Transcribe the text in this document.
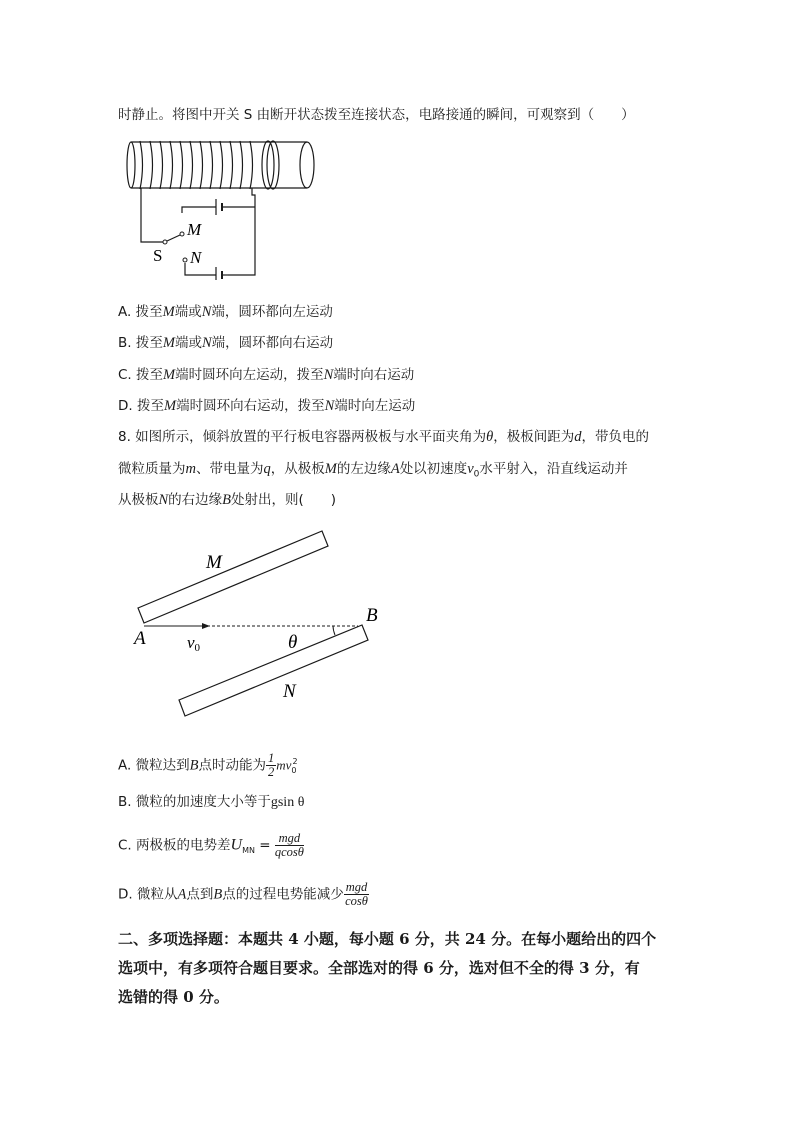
时静止。将图中开关 S 由断开状态拨至连接状态，电路接通的瞬间，可观察到（　　）
M
S N
A. 拨至M端或N端，圆环都向左运动
B. 拨至M端或N端，圆环都向右运动
C. 拨至M端时圆环向左运动，拨至N端时向右运动
D. 拨至M端时圆环向右运动，拨至N端时向左运动
8. 如图所示，倾斜放置的平行板电容器两极板与水平面夹角为θ，极板间距为d，带负电的
微粒质量为m、带电量为q，从极板M的左边缘A处以初速度$v_0$水平射入，沿直线运动并
从极板N的右边缘B处射出，则(　　)
M
A v0	θ
B
N
A. 微粒达到B点时动能为 $\frac{1}{2} mv_0^2$
B. 微粒的加速度大小等于gsin θ
C. 两极板的电势差$U_{MN} = \frac{\text{mgd}}{qcos\theta}$
D. 微粒从A点到B点的过程电势能减少 $\frac{\text{mgd}}{\cos\theta}$
二、多项选择题：本题共 4 小题，每小题 6 分，共 24 分。在每小题给出的四个
选项中，有多项符合题目要求。全部选对的得 6 分，选对但不全的得 3 分，有
选错的得 0 分。
